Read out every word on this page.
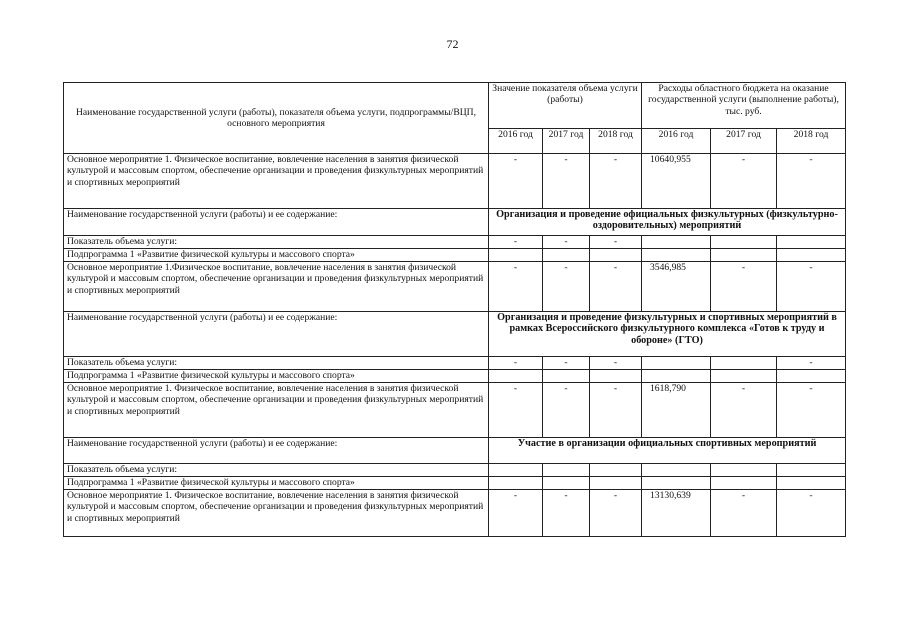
72
Наименование государственной услуги (работы), показателя объема услуги, подпрограммы/ВЦП, основного мероприятия	Значение показателя объема услуги (работы)			Расходы областного бюджета на оказание государственной услуги (выполнение работы), тыс. руб.		
	2016 год	2017 год	2018 год	2016 год	2017 год	2018 год
Основное мероприятие 1. Физическое воспитание, вовлечение населения в занятия физической культурой и массовым спортом, обеспечение организации и проведения физкультурных мероприятий и спортивных мероприятий	-	-	-	10640,955	-	-
Наименование государственной услуги (работы) и ее содержание:	Организация и проведение официальных физкультурных (физкультурно-оздоровительных) мероприятий					

Показатель объема услуги:	-	-	-			
Подпрограмма 1 «Развитие физической культуры и массового спорта»						
Основное мероприятие 1.Физическое воспитание, вовлечение населения в занятия физической культурой и массовым спортом, обеспечение организации и проведения физкультурных мероприятий и спортивных мероприятий	-	-	-	3546,985	-	-
Наименование государственной услуги (работы) и ее содержание:	Организация и проведение физкультурных и спортивных мероприятий в рамках Всероссийского физкультурного комплекса «Готов к труду и обороне» (ГТО)					

Показатель объема услуги:	-	-	-			-
Подпрограмма 1 «Развитие физической культуры и массового спорта»						
Основное мероприятие 1. Физическое воспитание, вовлечение населения в занятия физической культурой и массовым спортом, обеспечение организации и проведения физкультурных мероприятий и спортивных мероприятий	-	-	-	1618,790	-	-
Наименование государственной услуги (работы) и ее содержание:	Участие в организации официальных спортивных мероприятий					

Показатель объема услуги:						
Подпрограмма 1 «Развитие физической культуры и массового спорта»						
Основное мероприятие 1. Физическое воспитание, вовлечение населения в занятия физической культурой и массовым спортом, обеспечение организации и проведения физкультурных мероприятий и спортивных мероприятий	-	-	-	13130,639	-	-
